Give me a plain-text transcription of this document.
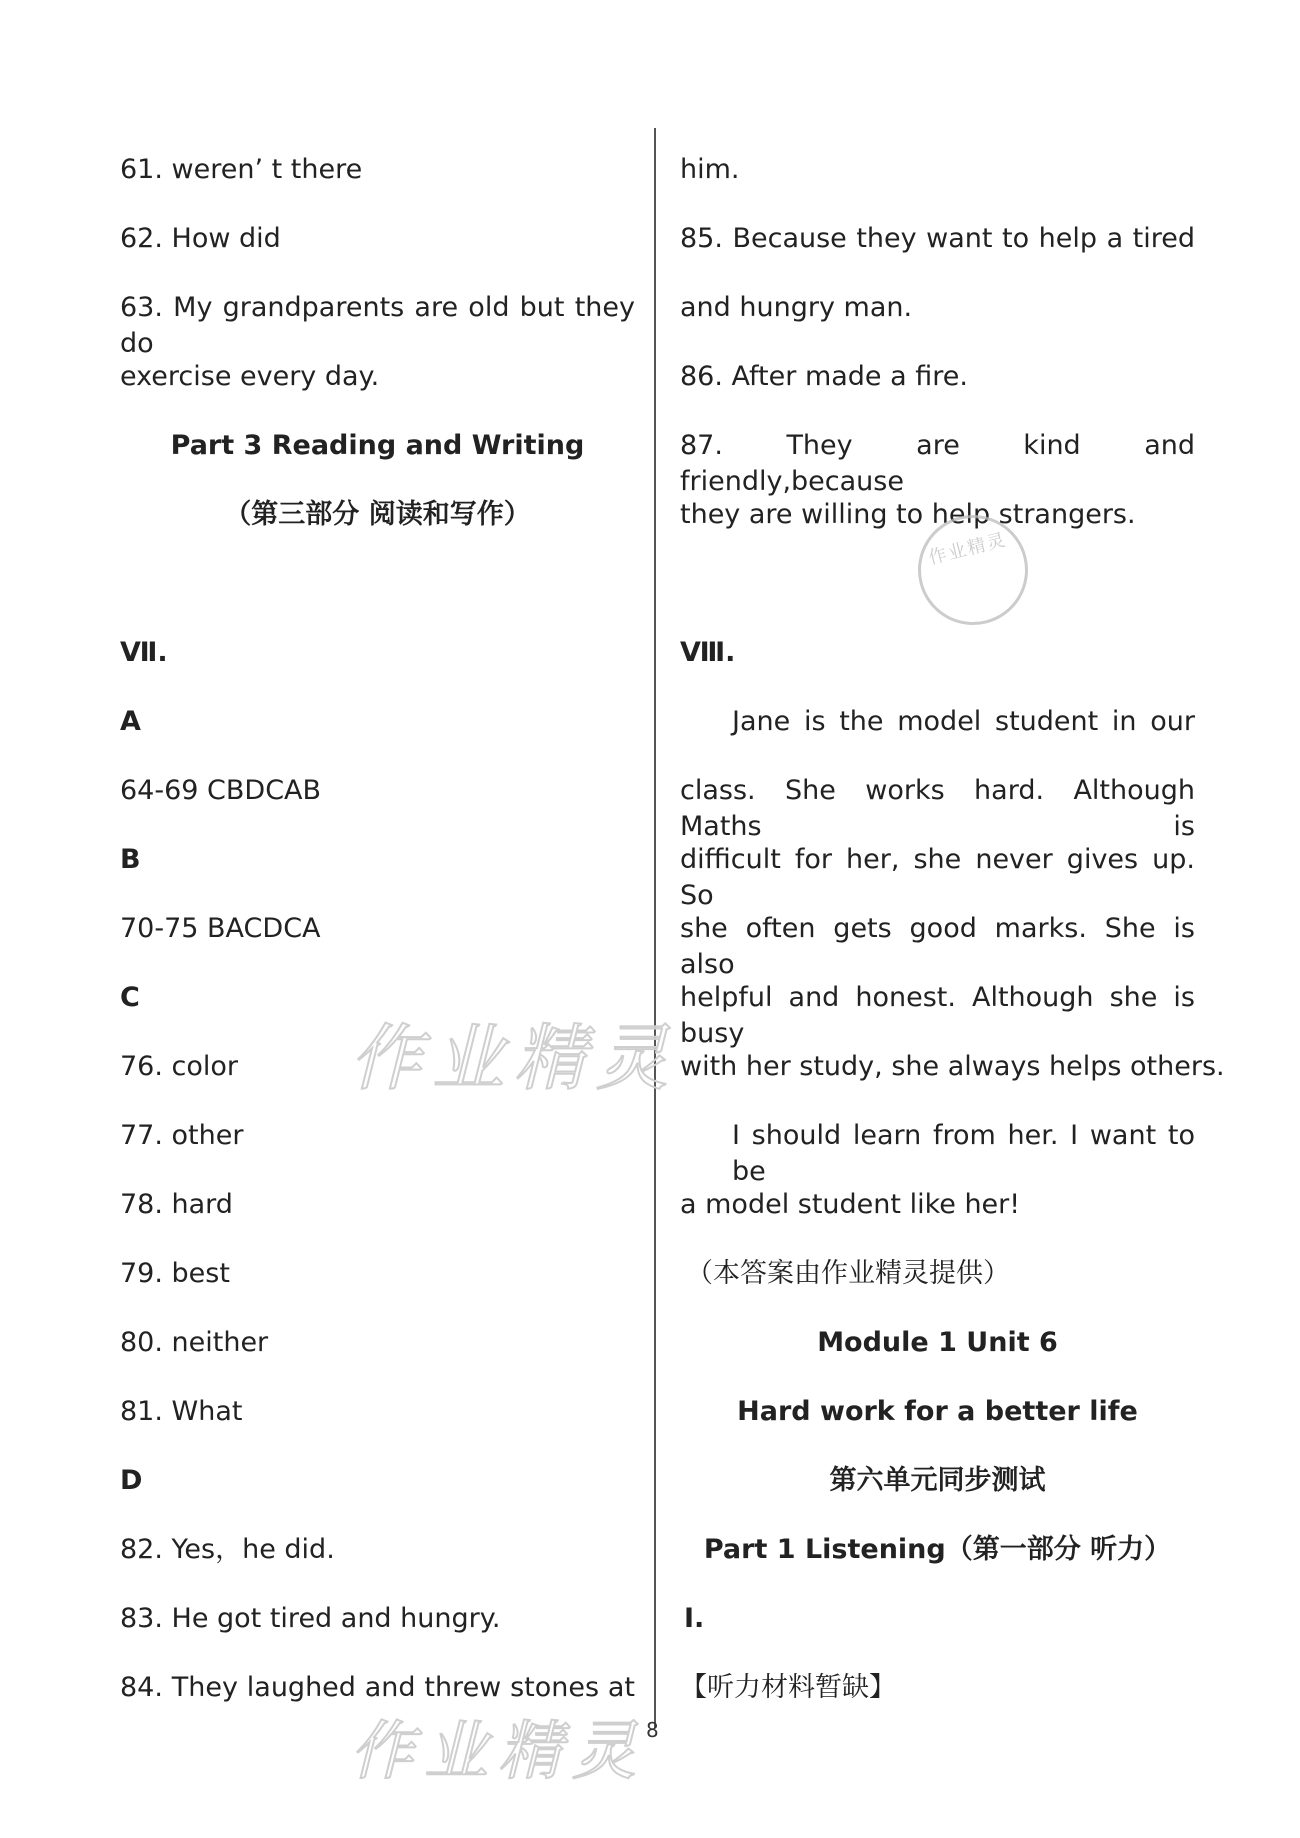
61. weren’ t there
62. How did
63. My grandparents are old but they do
exercise every day.
Part 3 Reading and Writing
（第三部分 阅读和写作）
Ⅶ.
A
64-69 CBDCAB
B
70-75 BACDCA
C
76. color
77. other
78. hard
79. best
80. neither
81. What
D
82. Yes，he did.
83. He got tired and hungry.
84. They laughed and threw stones at
him.
85. Because they want to help a tired
and hungry man.
86. After made a fire.
87. They are kind and friendly,because
they are willing to help strangers.
Ⅷ.
Jane is the model student in our
class. She works hard. Although Maths is
difficult for her, she never gives up. So
she often gets good marks. She is also
helpful and honest. Although she is busy
with her study, she always helps others.
I should learn from her. I want to be
a model student like her!
（本答案由作业精灵提供）
Module 1 Unit 6
Hard work for a better life
第六单元同步测试
Part 1 Listening（第一部分 听力）
Ⅰ.
【听力材料暂缺】
8
作业精灵
作业精灵
作业精灵
